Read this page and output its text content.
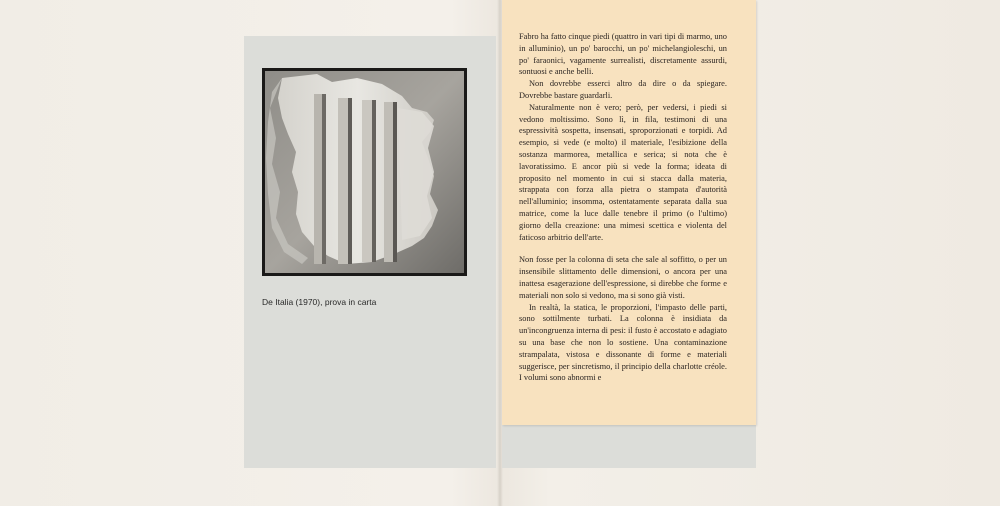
De Italia (1970), prova in carta

Fabro ha fatto cinque piedi (quattro in vari tipi di marmo, uno in alluminio), un po' barocchi, un po' michelangioleschi, un po' faraonici, vagamente surrealisti, discretamente assurdi, sontuosi e anche belli.

Non dovrebbe esserci altro da dire o da spiegare. Dovrebbe bastare guardarli.

Naturalmente non è vero; però, per vedersi, i piedi si vedono moltissimo. Sono lì, in fila, testimoni di una espressività sospetta, insensati, sproporzionati e torpidi. Ad esempio, si vede (e molto) il materiale, l'esibizione della sostanza marmorea, metallica e serica; si nota che è lavoratissimo. E ancor più si vede la forma; ideata di proposito nel momento in cui si stacca dalla materia, strappata con forza alla pietra o stampata d'autorità nell'alluminio; insomma, ostentatamente separata dalla sua matrice, come la luce dalle tenebre il primo (o l'ultimo) giorno della creazione: una mimesi scettica e violenta del faticoso arbitrio dell'arte.

Non fosse per la colonna di seta che sale al soffitto, o per un insensibile slittamento delle dimensioni, o ancora per una inattesa esagerazione dell'espressione, si direbbe che forme e materiali non solo si vedono, ma si sono già visti.

In realtà, la statica, le proporzioni, l'impasto delle parti, sono sottilmente turbati. La colonna è insidiata da un'incongruenza interna di pesi: il fusto è accostato e adagiato su una base che non lo sostiene. Una contaminazione strampalata, vistosa e dissonante di forme e materiali suggerisce, per sincretismo, il principio della charlotte créole. I volumi sono abnormi e
